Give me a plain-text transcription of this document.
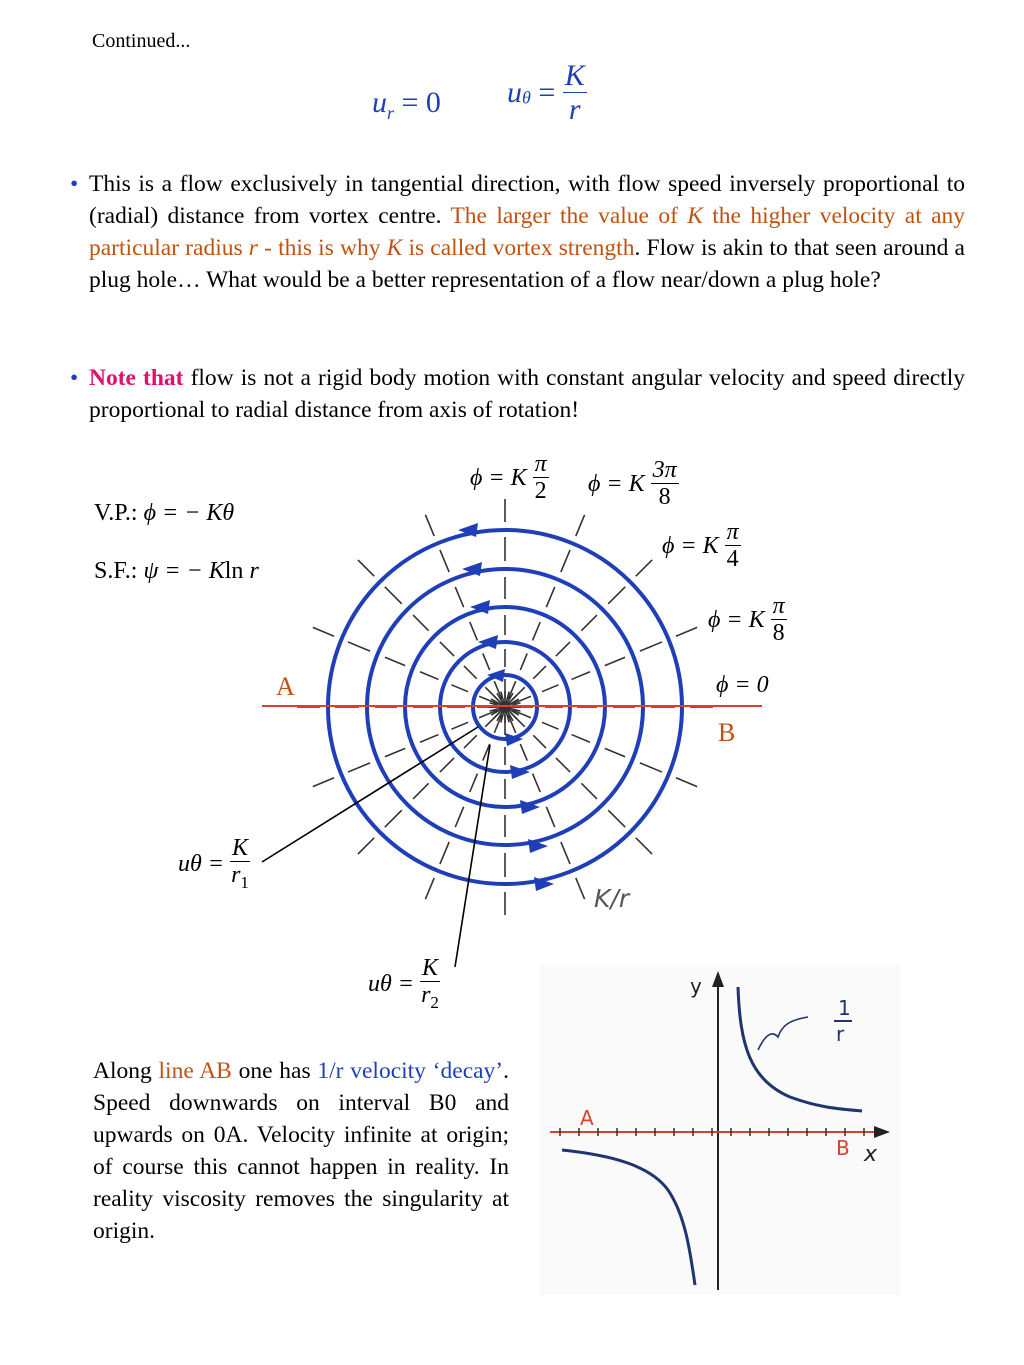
Continued...
$u_r = 0$ $u_\theta = \frac{K}{r}$
• This is a flow exclusively in tangential direction, with flow speed inversely proportional to (radial) distance from vortex centre. The larger the value of K the higher velocity at any particular radius r - this is why K is called vortex strength. Flow is akin to that seen around a plug hole… What would be a better representation of a flow near/down a plug hole?
• Note that flow is not a rigid body motion with constant angular velocity and speed directly proportional to radial distance from axis of rotation!
V.P.: ϕ = − Kθ
S.F.: ψ = − Kln r
ϕ = K $\frac{\pi}{2}$ ϕ = K $\frac{3\pi}{8}$
ϕ = K $\frac{\pi}{4}$
ϕ = K $\frac{\pi}{8}$
ϕ = 0
A
B
K/r
$u\theta = \frac{K}{r_1}$
$u\theta = \frac{K}{r_2}$
Along line AB one has 1/r velocity ‘decay’. Speed downwards on interval B0 and upwards on 0A. Velocity infinite at origin; of course this cannot happen in reality. In reality viscosity removes the singularity at origin.
y
x
A
B
1
r
